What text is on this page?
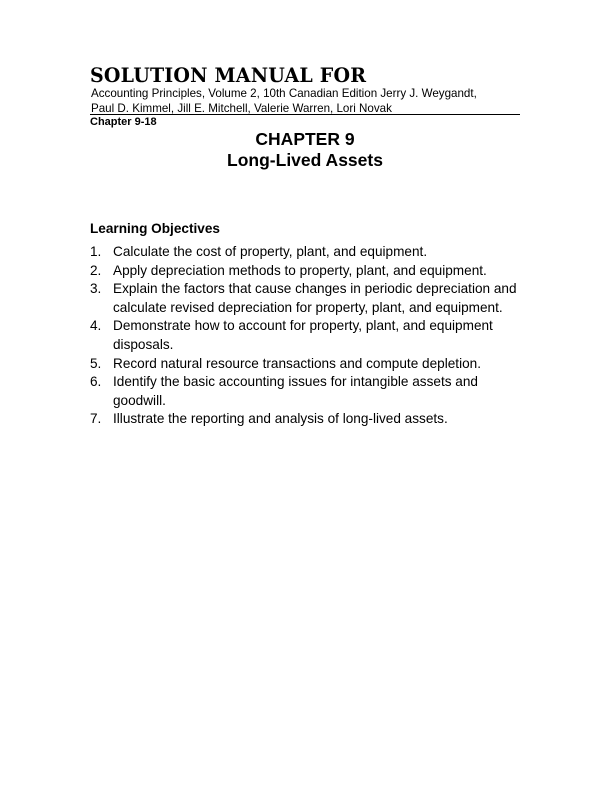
SOLUTION MANUAL FOR
Accounting Principles, Volume 2, 10th Canadian Edition Jerry J. Weygandt,
Paul D. Kimmel, Jill E. Mitchell, Valerie Warren, Lori Novak
Chapter 9-18
CHAPTER 9
Long-Lived Assets
Learning Objectives
1. Calculate the cost of property, plant, and equipment.
2. Apply depreciation methods to property, plant, and equipment.
3. Explain the factors that cause changes in periodic depreciation and calculate revised depreciation for property, plant, and equipment.
4. Demonstrate how to account for property, plant, and equipment disposals.
5. Record natural resource transactions and compute depletion.
6. Identify the basic accounting issues for intangible assets and goodwill.
7. Illustrate the reporting and analysis of long-lived assets.
